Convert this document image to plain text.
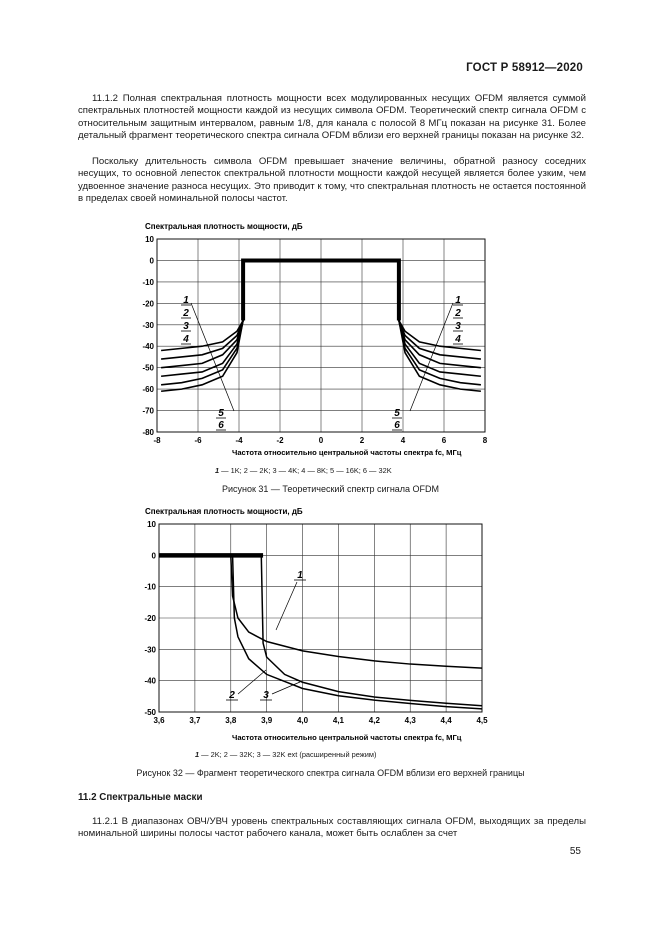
ГОСТ Р 58912—2020

11.1.2 Полная спектральная плотность мощности всех модулированных несущих OFDM является суммой спектральных плотностей мощности каждой из несущих символа OFDM. Теоретический спектр сигнала OFDM с относительным защитным интервалом, равным 1/8, для канала с полосой 8 МГц показан на рисунке 31. Более детальный фрагмент теоретического спектра сигнала OFDM вблизи его верхней границы показан на рисунке 32.

Поскольку длительность символа OFDM превышает значение величины, обратной разносу соседних несущих, то основной лепесток спектральной плотности мощности каждой несущей является более узким, чем удвоенное значение разноса несущих. Это приводит к тому, что спектральная плотность не остается постоянной в пределах своей номинальной полосы частот.

Спектральная плотность мощности, дБ
10
0
-10
-20
-30
-40
-50
-60
-70
-80
-8	-6	-4	-2	0	2	4	6	8
1
2
3
4
1
2
3
4
5
6
5
6
Частота относительно центральной частоты спектра fc, МГц
1 — 1K; 2 — 2K; 3 — 4K; 4 — 8K; 5 — 16K; 6 — 32K
Рисунок 31 — Теоретический спектр сигнала OFDM
Спектральная плотность мощности, дБ
10
0
-10
-20
-30
-40
-50
3,6	3,7	3,8	3,9	4,0	4,1	4,2	4,3	4,4	4,5
1
2	3
Частота относительно центральной частоты спектра fc, МГц
1 — 2K; 2 — 32K; 3 — 32K ext (расширенный режим)
Рисунок 32 — Фрагмент теоретического спектра сигнала OFDM вблизи его верхней границы

11.2 Спектральные маски

11.2.1 В диапазонах ОВЧ/УВЧ уровень спектральных составляющих сигнала OFDM, выходящих за пределы номинальной ширины полосы частот рабочего канала, может быть ослаблен за счет

55
